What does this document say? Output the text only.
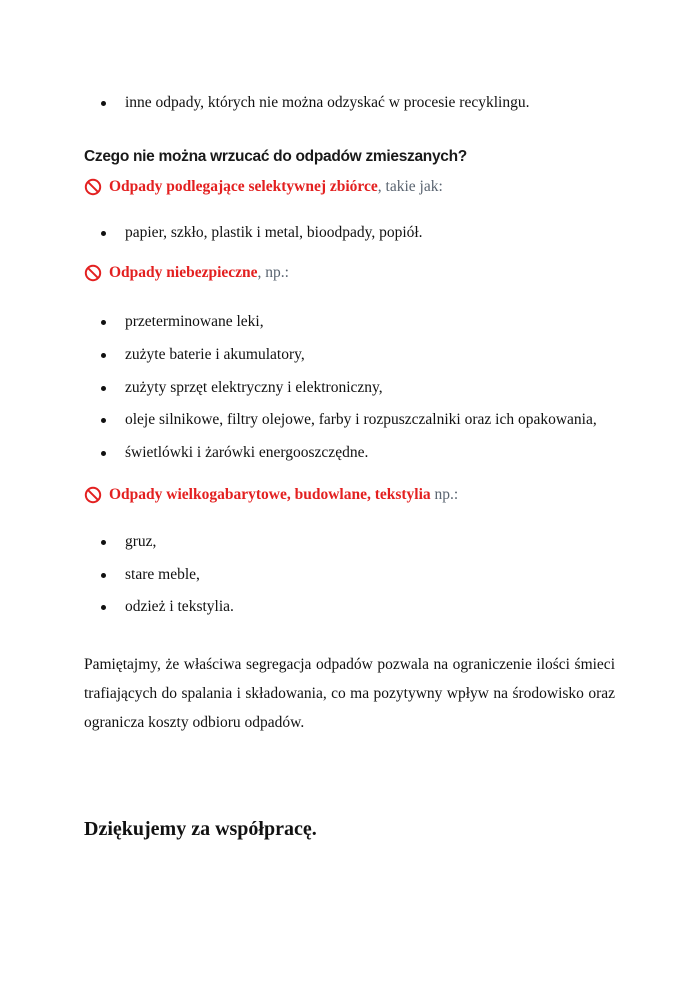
inne odpady, których nie można odzyskać w procesie recyklingu.
Czego nie można wrzucać do odpadów zmieszanych?
Odpady podlegające selektywnej zbiórce, takie jak:
papier, szkło, plastik i metal, bioodpady, popiół.
Odpady niebezpieczne, np.:
przeterminowane leki,
zużyte baterie i akumulatory,
zużyty sprzęt elektryczny i elektroniczny,
oleje silnikowe, filtry olejowe, farby i rozpuszczalniki oraz ich opakowania,
świetlówki i żarówki energooszczędne.
Odpady wielkogabarytowe, budowlane, tekstylia np.:
gruz,
stare meble,
odzież i tekstylia.

Pamiętajmy, że właściwa segregacja odpadów pozwala na ograniczenie ilości śmieci trafiających do spalania i składowania, co ma pozytywny wpływ na środowisko oraz ogranicza koszty odbioru odpadów.

Dziękujemy za współpracę.
